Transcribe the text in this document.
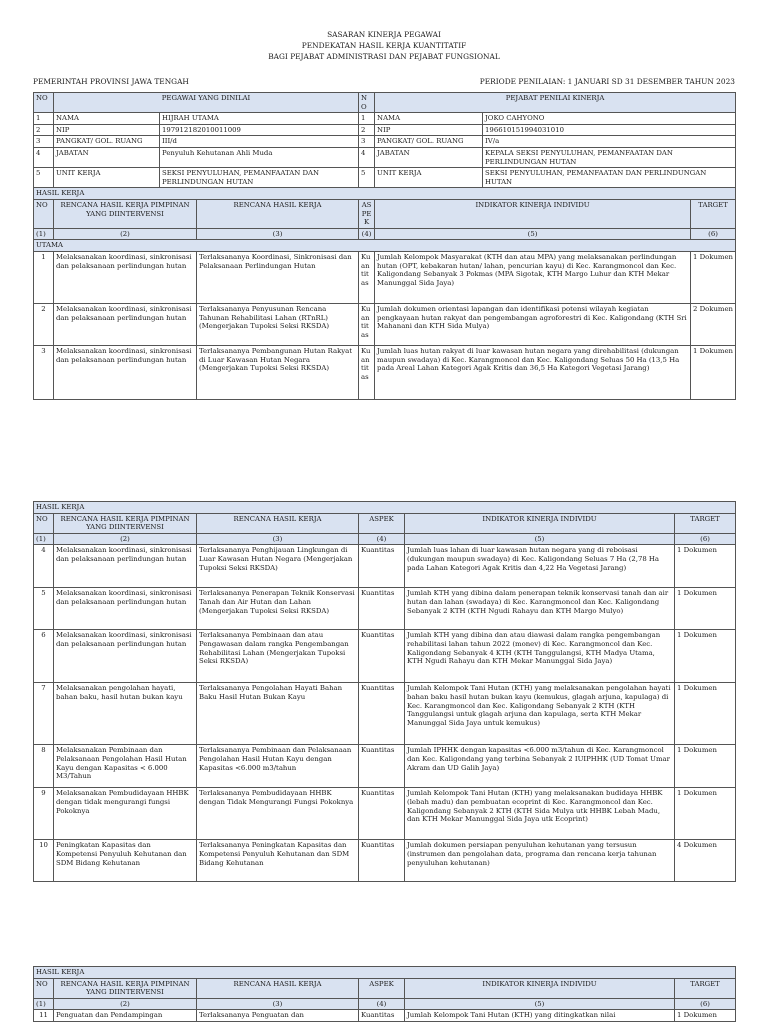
SASARAN KINERJA PEGAWAI
PENDEKATAN HASIL KERJA KUANTITATIF
BAGI PEJABAT ADMINISTRASI DAN PEJABAT FUNGSIONAL
PEMERINTAH PROVINSI JAWA TENGAH	PERIODE PENILAIAN: 1 JANUARI SD 31 DESEMBER TAHUN 2023
NO	PEGAWAI YANG DINILAI			NO	PEJABAT PENILAI KINERJA		
1	NAMA	HIJRAH UTAMA		1	NAMA	JOKO CAHYONO	
2	NIP	197912182010011009		2	NIP	196610151994031010	
3	PANGKAT/ GOL. RUANG	III/d		3	PANGKAT/ GOL. RUANG	IV/a	
4	JABATAN	Penyuluh Kehutanan Ahli Muda		4	JABATAN	KEPALA SEKSI PENYULUHAN, PEMANFAATAN DAN PERLINDUNGAN HUTAN	
5	UNIT KERJA	SEKSI PENYULUHAN, PEMANFAATAN DAN PERLINDUNGAN HUTAN		5	UNIT KERJA	SEKSI PENYULUHAN, PEMANFAATAN DAN PERLINDUNGAN HUTAN	
HASIL KERJA							
NO	RENCANA HASIL KERJA PIMPINAN YANG DIINTERVENSI		RENCANA HASIL KERJA	ASPEK	INDIKATOR KINERJA INDIVIDU		TARGET
(1)	(2)		(3)	(4)	(5)		(6)
UTAMA							
1	Melaksanakan koordinasi, sinkronisasi dan pelaksanaan perlindungan hutan		Terlaksananya Koordinasi, Sinkronisasi dan Pelaksanaan Perlindungan Hutan	Kuantitas	Jumlah Kelompok Masyarakat (KTH dan atau MPA) yang melaksanakan perlindungan hutan (OPT, kebakaran hutan/ lahan, pencurian kayu) di Kec. Karangmoncol dan Kec. Kaligondang Sebanyak 3 Pokmas (MPA Sigotak, KTH Margo Luhur dan KTH Mekar Manunggal Sida Jaya)		1 Dokumen
2	Melaksanakan koordinasi, sinkronisasi dan pelaksanaan perlindungan hutan		Terlaksananya Penyusunan Rencana Tahunan Rehabilitasi Lahan (RTnRL) (Mengerjakan Tupoksi Seksi RKSDA)	Kuantitas	Jumlah dokumen orientasi lapangan dan identifikasi potensi wilayah kegiatan pengkayaan hutan rakyat dan pengembangan agroforestri di Kec. Kaligondang (KTH Sri Mahanani dan KTH Sida Mulya)		2 Dokumen
3	Melaksanakan koordinasi, sinkronisasi dan pelaksanaan perlindungan hutan		Terlaksananya Pembangunan Hutan Rakyat di Luar Kawasan Hutan Negara (Mengerjakan Tupoksi Seksi RKSDA)	Kuantitas	Jumlah luas hutan rakyat di luar kawasan hutan negara yang direhabilitasi (dukungan maupun swadaya) di Kec. Karangmoncol dan Kec. Kaligondang Seluas 50 Ha (13,5 Ha pada Areal Lahan Kategori Agak Kritis dan 36,5 Ha Kategori Vegetasi Jarang)		1 Dokumen
HASIL KERJA					
NO	RENCANA HASIL KERJA PIMPINAN YANG DIINTERVENSI	RENCANA HASIL KERJA	ASPEK	INDIKATOR KINERJA INDIVIDU	TARGET
(1)	(2)	(3)	(4)	(5)	(6)
4	Melaksanakan koordinasi, sinkronisasi dan pelaksanaan perlindungan hutan	Terlaksananya Penghijauan Lingkungan di Luar Kawasan Hutan Negara (Mengerjakan Tupoksi Seksi RKSDA)	Kuantitas	Jumlah luas lahan di luar kawasan hutan negara yang di reboisasi (dukungan maupun swadaya) di Kec. Kaligondang Seluas 7 Ha (2,78 Ha pada Lahan Kategori Agak Kritis dan 4,22 Ha Vegetasi Jarang)	1 Dokumen
5	Melaksanakan koordinasi, sinkronisasi dan pelaksanaan perlindungan hutan	Terlaksananya Penerapan Teknik Konservasi Tanah dan Air Hutan dan Lahan (Mengerjakan Tupoksi Seksi RKSDA)	Kuantitas	Jumlah KTH yang dibina dalam penerapan teknik konservasi tanah dan air hutan dan lahan (swadaya) di Kec. Karangmoncol dan Kec. Kaligondang Sebanyak 2 KTH (KTH Ngudi Rahayu dan KTH Margo Mulyo)	1 Dokumen
6	Melaksanakan koordinasi, sinkronisasi dan pelaksanaan perlindungan hutan	Terlaksananya Pembinaan dan atau Pengawasan dalam rangka Pengembangan Rehabilitasi Lahan (Mengerjakan Tupoksi Seksi RKSDA)	Kuantitas	Jumlah KTH yang dibina dan atau diawasi dalam rangka pengembangan rehabilitasi lahan tahun 2022 (monev) di Kec. Karangmoncol dan Kec. Kaligondang Sebanyak 4 KTH (KTH Tanggulangsi, KTH Madya Utama, KTH Ngudi Rahayu dan KTH Mekar Manunggal Sida Jaya)	1 Dokumen
7	Melaksanakan pengolahan hayati, bahan baku, hasil hutan bukan kayu	Terlaksananya Pengolahan Hayati Bahan Baku Hasil Hutan Bukan Kayu	Kuantitas	Jumlah Kelompok Tani Hutan (KTH) yang melaksanakan pengolahan hayati bahan baku hasil hutan bukan kayu (kemukus, glagah arjuna, kapulaga) di Kec. Karangmoncol dan Kec. Kaligondang Sebanyak 2 KTH (KTH Tanggulangsi untuk glagah arjuna dan kapulaga, serta KTH Mekar Manunggal Sida Jaya untuk kemukus)	1 Dokumen
8	Melaksanakan Pembinaan dan Pelaksanaan Pengolahan Hasil Hutan Kayu dengan Kapasitas < 6.000 M3/Tahun	Terlaksananya Pembinaan dan Pelaksanaan Pengolahan Hasil Hutan Kayu dengan Kapasitas <6.000 m3/tahun	Kuantitas	Jumlah IPHHK dengan kapasitas <6.000 m3/tahun di Kec. Karangmoncol dan Kec. Kaligondang yang terbina Sebanyak 2 IUIPHHK (UD Tomat Umar Akram dan UD Galih Jaya)	1 Dokumen
9	Melaksanakan Pembudidayaan HHBK dengan tidak mengurangi fungsi Pokoknya	Terlaksananya Pembudidayaan HHBK dengan Tidak Mengurangi Fungsi Pokoknya	Kuantitas	Jumlah Kelompok Tani Hutan (KTH) yang melaksanakan budidaya HHBK (lebah madu) dan pembuatan ecoprint di Kec. Karangmoncol dan Kec. Kaligondang Sebanyak 2 KTH (KTH Sida Mulya utk HHBK Lebah Madu, dan KTH Mekar Manunggal Sida Jaya utk Ecoprint)	1 Dokumen
10	Peningkatan Kapasitas dan Kompetensi Penyuluh Kehutanan dan SDM Bidang Kehutanan	Terlaksananya Peningkatan Kapasitas dan Kompetensi Penyuluh Kehutanan dan SDM Bidang Kehutanan	Kuantitas	Jumlah dokumen persiapan penyuluhan kehutanan yang tersusun (instrumen dan pengolahan data, programa dan rencana kerja tahunan penyuluhan kehutanan)	4 Dokumen
HASIL KERJA					
NO	RENCANA HASIL KERJA PIMPINAN YANG DIINTERVENSI	RENCANA HASIL KERJA	ASPEK	INDIKATOR KINERJA INDIVIDU	TARGET
(1)	(2)	(3)	(4)	(5)	(6)
11	Penguatan dan Pendampingan	Terlaksananya Penguatan dan	Kuantitas	Jumlah Kelompok Tani Hutan (KTH) yang ditingkatkan nilai	1 Dokumen
